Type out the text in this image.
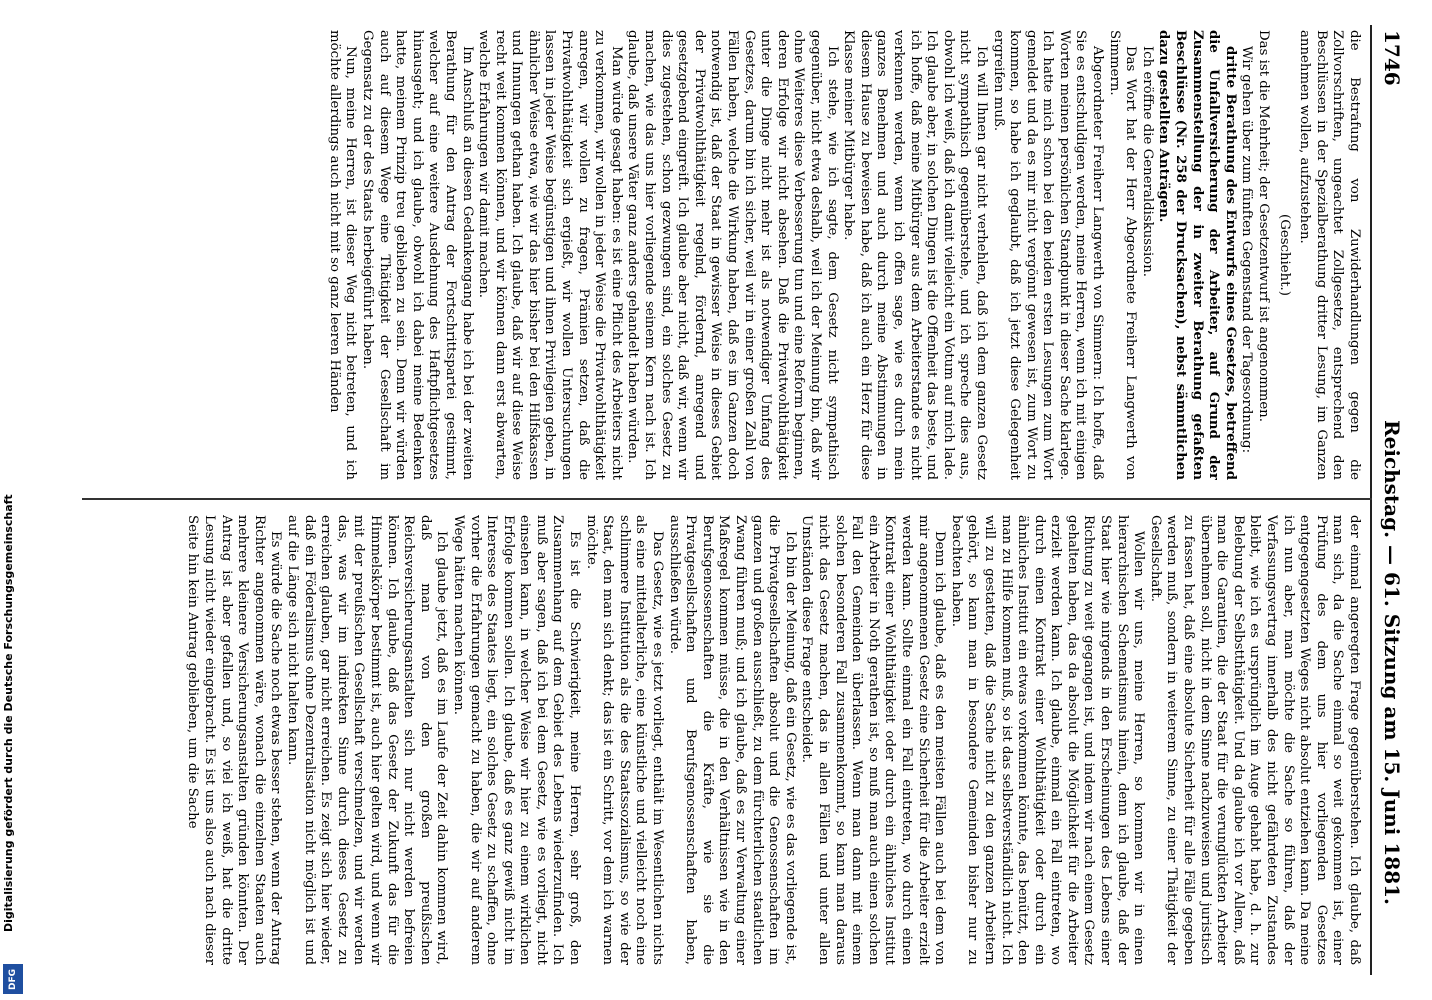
1746
Reichstag. — 61. Sitzung am 15. Juni 1881.

die Bestrafung von Zuwiderhandlungen gegen die Zollvorschriften, ungeachtet Zollgesetze, entsprechend den Beschlüssen in der Spezialberathung dritter Lesung, im Ganzen annehmen wollen, aufzustehen.

(Geschieht.)

Das ist die Mehrheit; der Gesetzentwurf ist angenommen.

Wir gehen über zum fünften Gegenstand der Tagesordnung:

dritte Berathung des Entwurfs eines Gesetzes, betreffend die Unfallversicherung der Arbeiter, auf Grund der Zusammenstellung der in zweiter Berathung gefaßten Beschlüsse (Nr. 258 der Drucksachen), nebst sämmtlichen dazu gestellten Anträgen.

Ich eröffne die Generaldiskussion.

Das Wort hat der Herr Abgeordnete Freiherr Langwerth von Simmern.

Abgeordneter Freiherr Langwerth von Simmern: Ich hoffe, daß Sie es entschuldigen werden, meine Herren, wenn ich mit einigen Worten meinen persönlichen Standpunkt in dieser Sache klarlege. Ich hatte mich schon bei den beiden ersten Lesungen zum Wort gemeldet und da es mir nicht vergönnt gewesen ist, zum Wort zu kommen, so habe ich geglaubt, daß ich jetzt diese Gelegenheit ergreifen muß.

Ich will Ihnen gar nicht verhehlen, daß ich dem ganzen Gesetz nicht sympathisch gegenüberstehe, und ich spreche dies aus, obwohl ich weiß, daß ich damit vielleicht ein Votum auf mich lade. Ich glaube aber, in solchen Dingen ist die Offenheit das beste, und ich hoffe, daß meine Mitbürger aus dem Arbeiterstande es nicht verkennen werden, wenn ich offen sage, wie es durch mein ganzes Benehmen und auch durch meine Abstimmungen in diesem Hause zu beweisen habe, daß ich auch ein Herz für diese Klasse meiner Mitbürger habe.

Ich stehe, wie ich sagte, dem Gesetz nicht sympathisch gegenüber, nicht etwa deshalb, weil ich der Meinung bin, daß wir ohne Weiteres diese Verbesserung tun und eine Reform beginnen, deren Erfolge wir nicht absehen. Daß die Privatwohlthätigkeit unter die Dinge nicht mehr ist als notwendiger Umfang des Gesetzes, darum bin ich sicher, weil wir in einer großen Zahl von Fällen haben, welche die Wirkung haben, daß es im Ganzen doch notwendig ist, daß der Staat in gewisser Weise in dieses Gebiet der Privatwohlthätigkeit regelnd, fördernd, anregend und gesetzgebend eingreift. Ich glaube aber nicht, daß wir, wenn wir dies zugestehen, schon gezwungen sind, ein solches Gesetz zu machen, wie das uns hier vorliegende seinem Kern nach ist. Ich glaube, daß unsere Väter ganz anders gehandelt haben würden.

Man würde gesagt haben: es ist eine Pflicht des Arbeiters nicht zu verkommen, wir wollen in jeder Weise die Privatwohlthätigkeit anregen, wir wollen zu fragen, Prämien setzen, daß die Privatwohlthätigkeit sich ergießt, wir wollen Untersuchungen lassen in jeder Weise begünstigen und ihnen Privilegien geben, in ähnlicher Weise etwa, wie wir das hier bisher bei den Hilfskassen und Innungen gethan haben. Ich glaube, daß wir auf diese Weise recht weit kommen können, und wir können dann erst abwarten, welche Erfahrungen wir damit machen.

Im Anschluß an diesen Gedankengang habe ich bei der zweiten Berathung für den Antrag der Fortschrittspartei gestimmt, welcher auf eine weitere Ausdehnung des Haftpflichtgesetzes hinausgeht; und ich glaube, obwohl ich dabei meine Bedenken hatte, meinem Prinzip treu geblieben zu sein. Denn wir würden auch auf diesem Wege eine Thätigkeit der Gesellschaft im Gegensatz zu der des Staats herbeigeführt haben.

Nun, meine Herren, ist dieser Weg nicht betreten, und ich möchte allerdings auch nicht mit so ganz leeren Händen

der einmal angeregten Frage gegenüberstehen. Ich glaube, daß man sich, da die Sache einmal so weit gekommen ist, einer Prüfung des dem uns hier vorliegenden Gesetzes entgegengesetzten Weges nicht absolut entziehen kann. Da meine ich nun aber, man möchte die Sache so führen, daß der Verfassungsvertrag innerhalb des nicht gefährdeten Zustandes bleibt, wie ich es ursprünglich im Auge gehabt habe, d. h. zur Belebung der Selbstthätigkeit. Und da glaube ich vor Allem, daß man die Garantien, die der Staat für die verunglückten Arbeiter übernehmen soll, nicht in dem Sinne nachzuweisen und juristisch zu fassen hat, daß eine absolute Sicherheit für alle Fälle gegeben werden muß, sondern in weiterem Sinne, zu einer Thätigkeit der Gesellschaft.

Wollen wir uns, meine Herren, so kommen wir in einen hierarchischen Schematismus hinein, denn ich glaube, daß der Staat hier wie nirgends in den Erscheinungen des Lebens einer Richtung zu weit gegangen ist, und indem wir nach einem Gesetz gehalten haben, das da absolut die Möglichkeit für die Arbeiter erzielt werden kann. Ich glaube, einmal ein Fall eintreten, wo durch einen Kontrakt einer Wohlthätigkeit oder durch ein ähnliches Institut ein etwas vorkommen könnte, das benützt, den man zu Hilfe kommen muß, so ist das selbstverständlich nicht. Ich will zu gestatten, daß die Sache nicht zu den ganzen Arbeitern gehört, so kann man in besondere Gemeinden bisher nur zu beachten haben.

Denn ich glaube, daß es den meisten Fällen auch bei dem von mir angenommenen Gesetz eine Sicherheit für die Arbeiter erzielt werden kann. Sollte einmal ein Fall eintreten, wo durch einen Kontrakt einer Wohlthätigkeit oder durch ein ähnliches Institut ein Arbeiter in Noth gerathen ist, so muß man auch einen solchen Fall den Gemeinden überlassen. Wenn man dann mit einem solchen besonderen Fall zusammenkommt, so kann man daraus nicht das Gesetz machen, das in allen Fällen und unter allen Umständen diese Frage entscheidet.

Ich bin der Meinung, daß ein Gesetz, wie es das vorliegende ist, die Privatgesellschaften absolut und die Genossenschaften im ganzen und großen ausschließt, zu dem fürchterlichen staatlichen Zwang führen muß; und ich glaube, daß es zur Verwaltung einer Maßregel kommen müsse, die in den Verhältnissen wie in den Berufsgenossenschaften die Kräfte, wie sie die Privatgesellschaften und Berufsgenossenschaften haben, ausschließen würde.

Das Gesetz, wie es jetzt vorliegt, enthält im Wesentlichen nichts als eine mittelalterliche, eine künstliche und vielleicht noch eine schlimmere Institution als die des Staatssozialismus, so wie der Staat, den man sich denkt; das ist ein Schritt, vor dem ich warnen möchte.

Es ist die Schwierigkeit, meine Herren, sehr groß, den Zusammenhang auf dem Gebiet des Lebens wiederzufinden. Ich muß aber sagen, daß ich bei dem Gesetz, wie es vorliegt, nicht einsehen kann, in welcher Weise wir hier zu einem wirklichen Erfolge kommen sollen. Ich glaube, daß es ganz gewiß nicht im Interesse des Staates liegt, ein solches Gesetz zu schaffen, ohne vorher die Erfahrungen gemacht zu haben, die wir auf anderem Wege hätten machen können.

Ich glaube jetzt, daß es im Laufe der Zeit dahin kommen wird, daß man von den großen preußischen Reichsversicherungsanstalten sich nur nicht werden befreien können. Ich glaube, daß das Gesetz der Zukunft das für die Himmelskörper bestimmt ist, auch hier gelten wird, und wenn wir mit der preußischen Gesellschaft verschmelzen, und wir werden das, was wir im indirekten Sinne durch dieses Gesetz zu erreichen glauben, gar nicht erreichen. Es zeigt sich hier wieder, daß ein Föderalismus ohne Dezentralisation nicht möglich ist und auf die Länge sich nicht halten kann.

Es würde die Sache noch etwas besser stehen, wenn der Antrag Richter angenommen wäre, wonach die einzelnen Staaten auch mehrere kleinere Versicherungsanstalten gründen könnten. Der Antrag ist aber gefallen und, so viel ich weiß, hat die dritte Lesung nicht wieder eingebracht. Es ist uns also auch nach dieser Seite hin kein Antrag geblieben, um die Sache

Digitalisierung gefördert durch die Deutsche Forschungsgemeinschaft
DFG
